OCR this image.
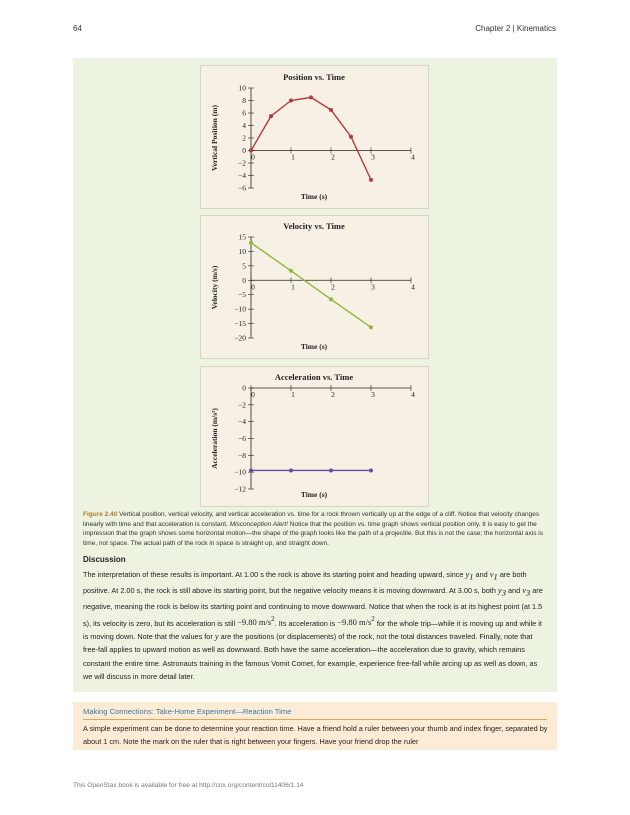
64	Chapter 2 | Kinematics
Position vs. Time
Vertical Position (m)
Time (s)
10
8
6
4
2
0
−2
−4
−6
0	1	2	3	4
Velocity vs. Time
Velocity (m/s)
Time (s)
15
10
5
0
−5
−10
−15
−20
0	1	2	3	4
Acceleration vs. Time
Acceleration (m/s²)
Time (s)
0
−2
−4
−6
−8
−10
−12
0	1	2	3	4
Figure 2.40 Vertical position, vertical velocity, and vertical acceleration vs. time for a rock thrown vertically up at the edge of a cliff. Notice that velocity changes linearly with time and that acceleration is constant. Misconception Alert! Notice that the position vs. time graph shows vertical position only. It is easy to get the impression that the graph shows some horizontal motion—the shape of the graph looks like the path of a projectile. But this is not the case; the horizontal axis is time, not space. The actual path of the rock in space is straight up, and straight down.
Discussion
The interpretation of these results is important. At 1.00 s the rock is above its starting point and heading upward, since $y_1$ and $v_1$ are both positive. At 2.00 s, the rock is still above its starting point, but the negative velocity means it is moving downward. At 3.00 s, both $y_3$ and $v_3$ are negative, meaning the rock is below its starting point and continuing to move downward. Notice that when the rock is at its highest point (at 1.5 s), its velocity is zero, but its acceleration is still −9.80 $m/s^2$. Its acceleration is −9.80 $m/s^2$ for the whole trip—while it is moving up and while it is moving down. Note that the values for y are the positions (or displacements) of the rock, not the total distances traveled. Finally, note that free-fall applies to upward motion as well as downward. Both have the same acceleration—the acceleration due to gravity, which remains constant the entire time. Astronauts training in the famous Vomit Comet, for example, experience free-fall while arcing up as well as down, as we will discuss in more detail later.
Making Connections: Take-Home Experiment—Reaction Time
A simple experiment can be done to determine your reaction time. Have a friend hold a ruler between your thumb and index finger, separated by about 1 cm. Note the mark on the ruler that is right between your fingers. Have your friend drop the ruler
This OpenStax book is available for free at http://cnx.org/content/col11406/1.14
